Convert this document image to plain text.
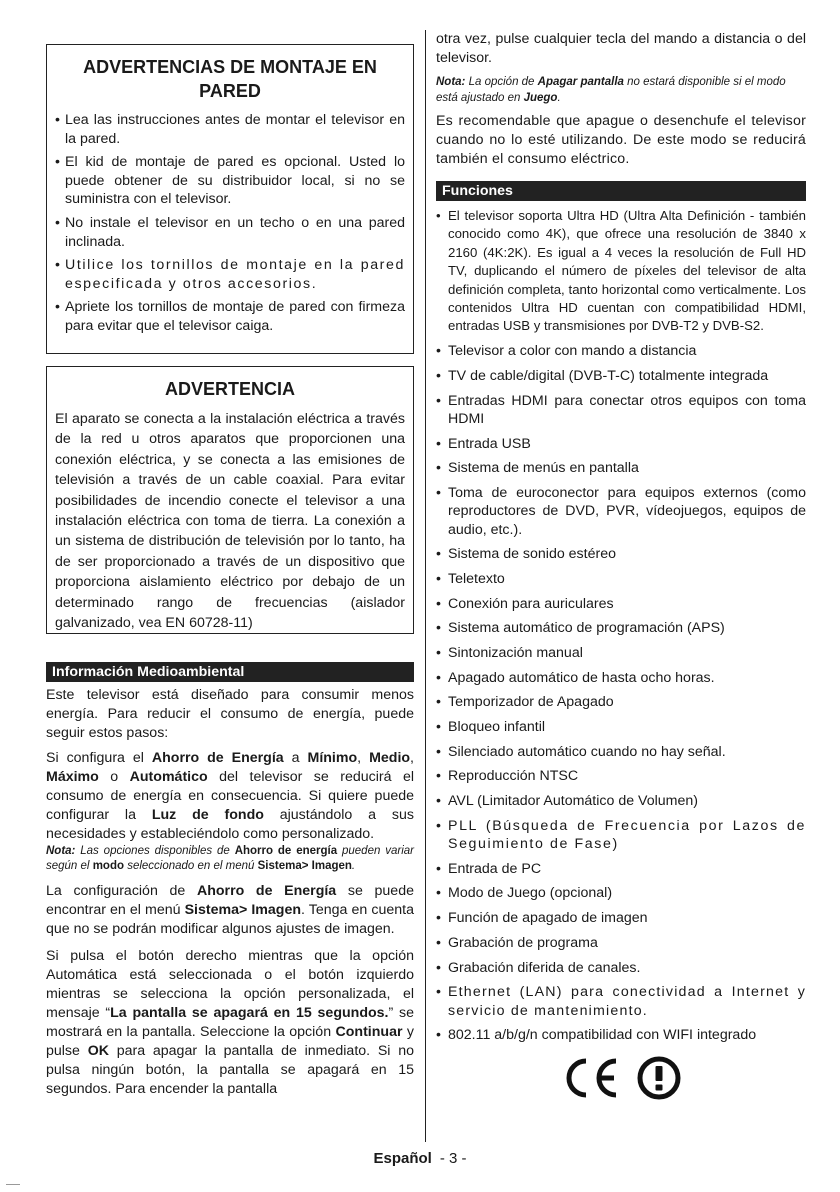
ADVERTENCIAS DE MONTAJE EN PARED
• Lea las instrucciones antes de montar el televisor en la pared.
• El kid de montaje de pared es opcional. Usted lo puede obtener de su distribuidor local, si no se suministra con el televisor.
• No instale el televisor en un techo o en una pared inclinada.
• Utilice los tornillos de montaje en la pared especificada y otros accesorios.
• Apriete los tornillos de montaje de pared con firmeza para evitar que el televisor caiga.
ADVERTENCIA

El aparato se conecta a la instalación eléctrica a través de la red u otros aparatos que proporcionen una conexión eléctrica, y se conecta a las emisiones de televisión a través de un cable coaxial. Para evitar posibilidades de incendio conecte el televisor a una instalación eléctrica con toma de tierra. La conexión a un sistema de distribución de televisión por lo tanto, ha de ser proporcionado a través de un dispositivo que proporciona aislamiento eléctrico por debajo de un determinado rango de frecuencias (aislador galvanizado, vea EN 60728-11)

Información Medioambiental

Este televisor está diseñado para consumir menos energía. Para reducir el consumo de energía, puede seguir estos pasos:

Si configura el Ahorro de Energía a Mínimo, Medio, Máximo o Automático del televisor se reducirá el consumo de energía en consecuencia. Si quiere puede configurar la Luz de fondo ajustándolo a sus necesidades y estableciéndolo como personalizado.

Nota: Las opciones disponibles de Ahorro de energía pueden variar según el modo seleccionado en el menú Sistema> Imagen.

La configuración de Ahorro de Energía se puede encontrar en el menú Sistema> Imagen. Tenga en cuenta que no se podrán modificar algunos ajustes de imagen.

Si pulsa el botón derecho mientras que la opción Automática está seleccionada o el botón izquierdo mientras se selecciona la opción personalizada, el mensaje “La pantalla se apagará en 15 segundos.” se mostrará en la pantalla. Seleccione la opción Continuar y pulse OK para apagar la pantalla de inmediato. Si no pulsa ningún botón, la pantalla se apagará en 15 segundos. Para encender la pantalla

otra vez, pulse cualquier tecla del mando a distancia o del televisor.

Nota: La opción de Apagar pantalla no estará disponible si el modo está ajustado en Juego.

Es recomendable que apague o desenchufe el televisor cuando no lo esté utilizando. De este modo se reducirá también el consumo eléctrico.

Funciones
• El televisor soporta Ultra HD (Ultra Alta Definición - también conocido como 4K), que ofrece una resolución de 3840 x 2160 (4K:2K). Es igual a 4 veces la resolución de Full HD TV, duplicando el número de píxeles del televisor de alta definición completa, tanto horizontal como verticalmente. Los contenidos Ultra HD cuentan con compatibilidad HDMI, entradas USB y transmisiones por DVB-T2 y DVB-S2.
• Televisor a color con mando a distancia
• TV de cable/digital (DVB-T-C) totalmente integrada
• Entradas HDMI para conectar otros equipos con toma HDMI
• Entrada USB
• Sistema de menús en pantalla
• Toma de euroconector para equipos externos (como reproductores de DVD, PVR, vídeojuegos, equipos de audio, etc.).
• Sistema de sonido estéreo
• Teletexto
• Conexión para auriculares
• Sistema automático de programación (APS)
• Sintonización manual
• Apagado automático de hasta ocho horas.
• Temporizador de Apagado
• Bloqueo infantil
• Silenciado automático cuando no hay señal.
• Reproducción NTSC
• AVL (Limitador Automático de Volumen)
• PLL (Búsqueda de Frecuencia por Lazos de Seguimiento de Fase)
• Entrada de PC
• Modo de Juego (opcional)
• Función de apagado de imagen
• Grabación de programa
• Grabación diferida de canales.
• Ethernet (LAN) para conectividad a Internet y servicio de mantenimiento.
• 802.11 a/b/g/n compatibilidad con WIFI integrado
Español - 3 -
